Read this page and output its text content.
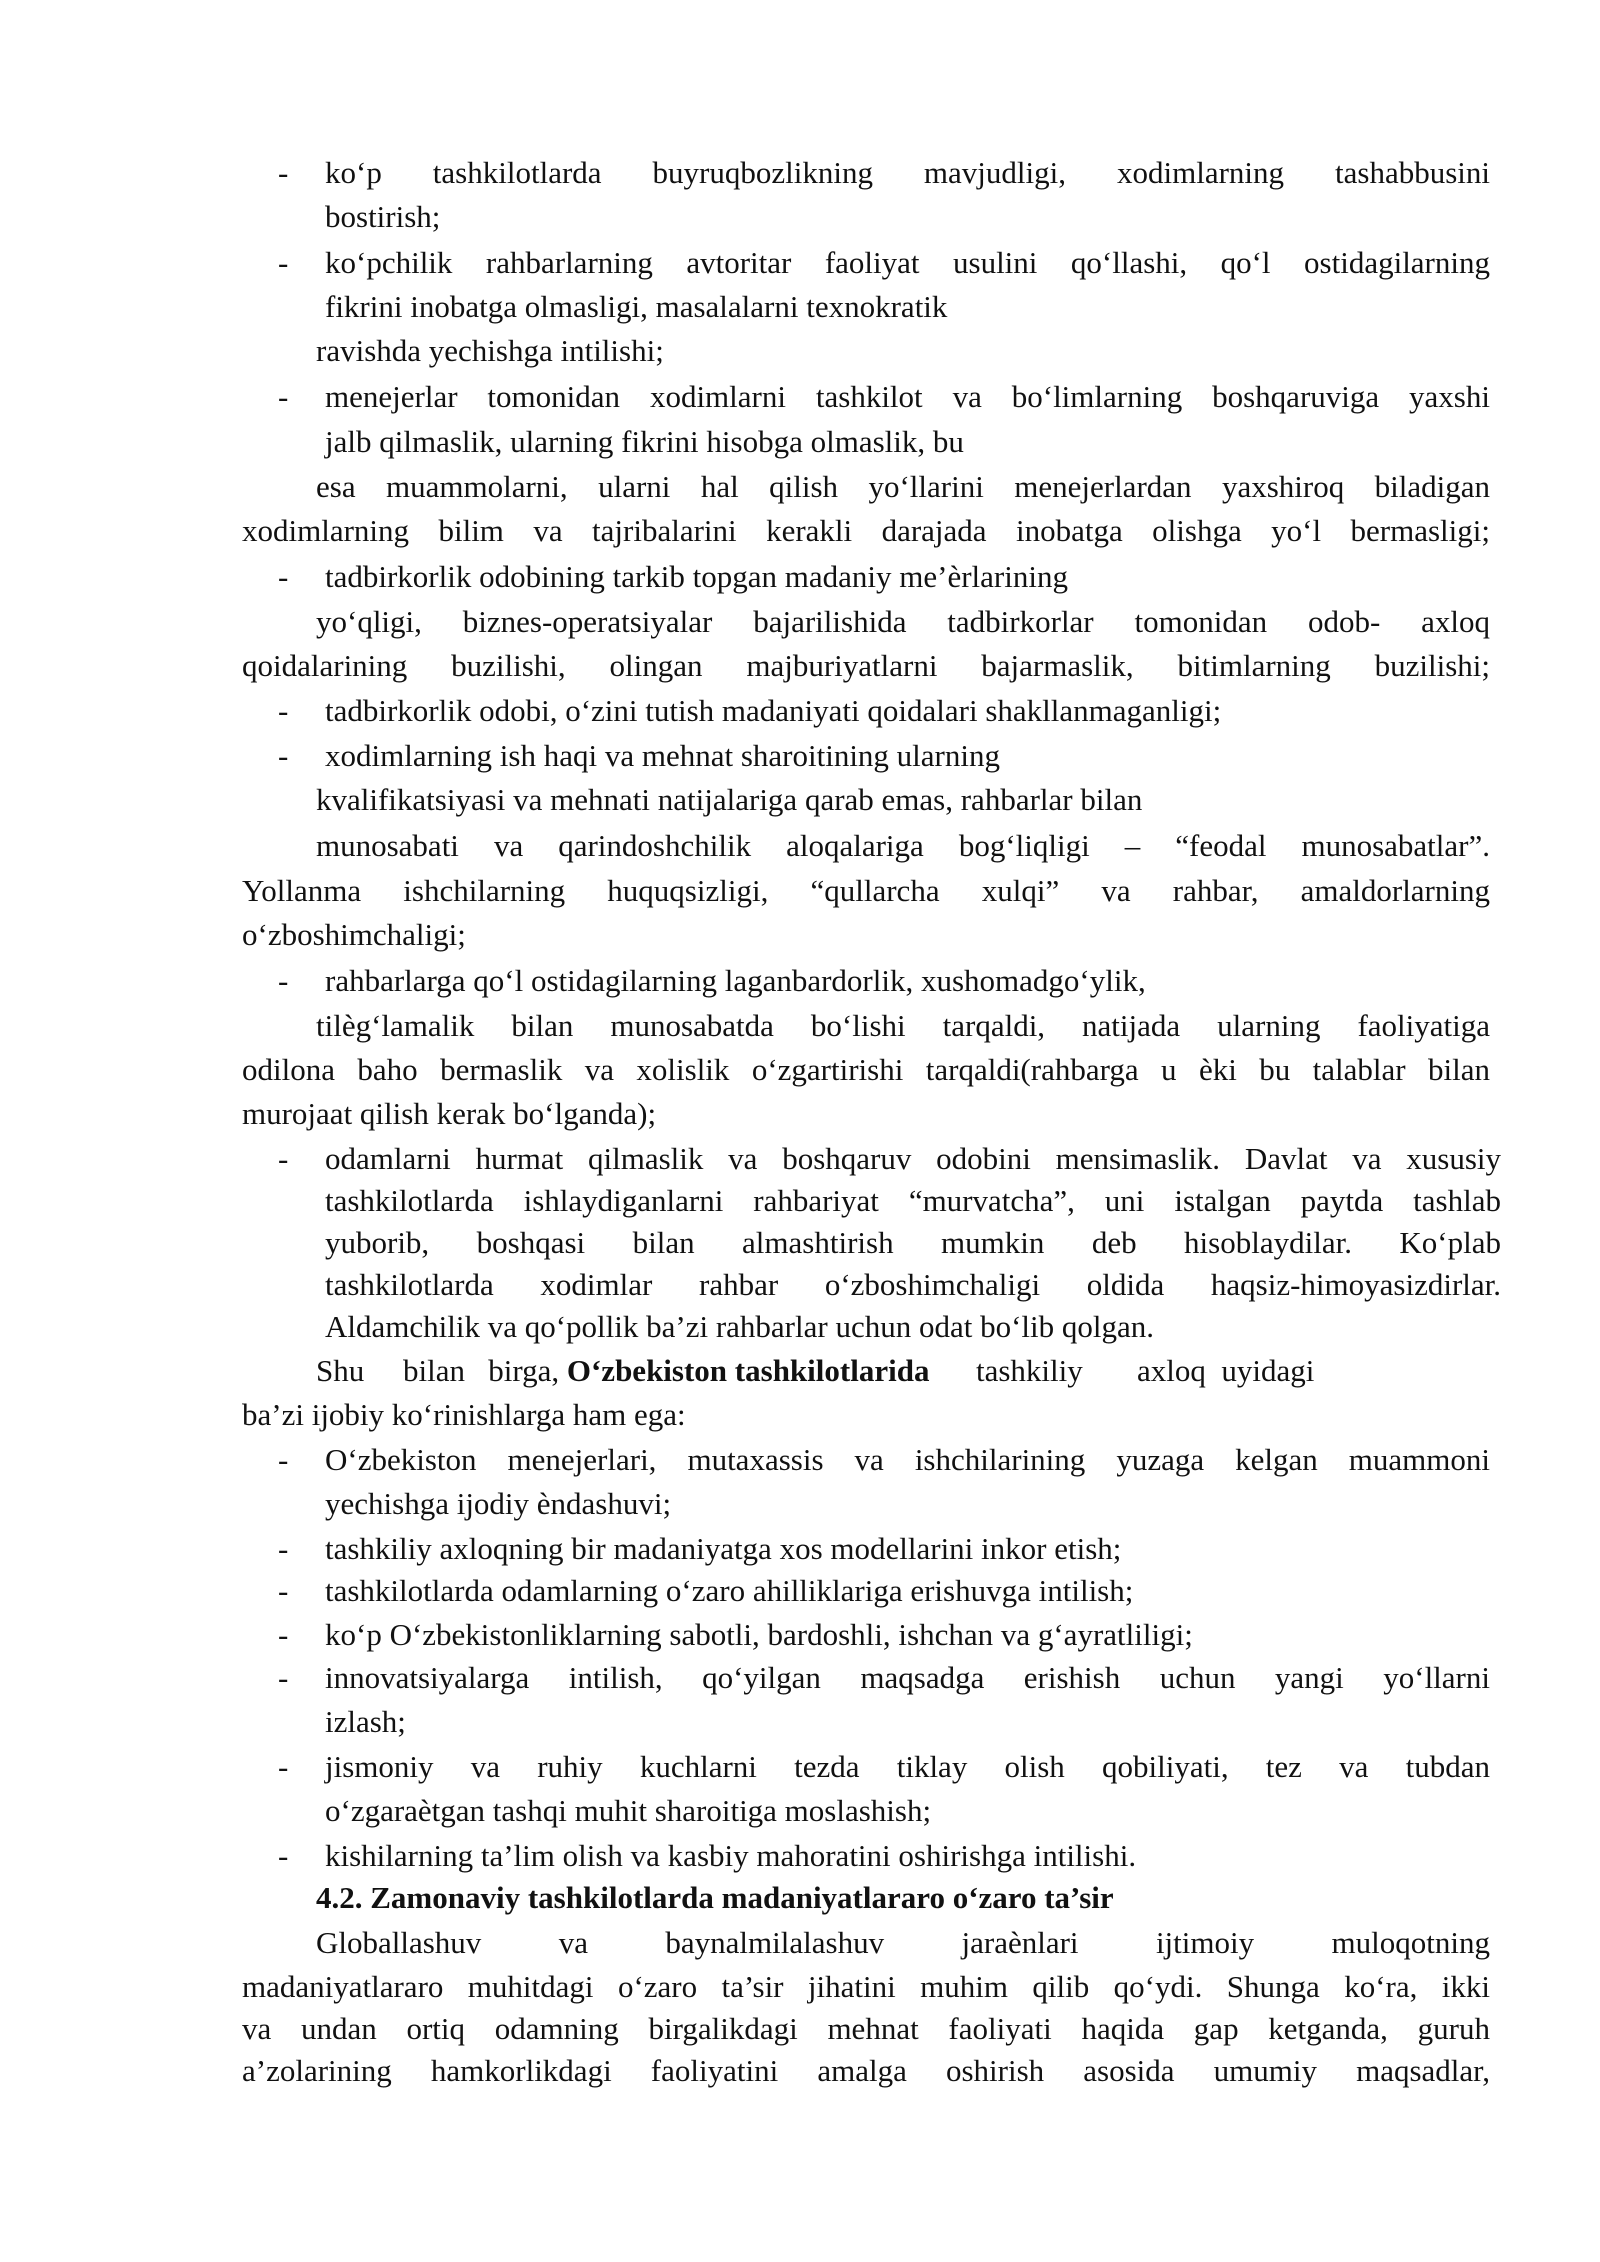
-	ko‘p tashkilotlarda buyruqbozlikning mavjudligi, xodimlarning tashabbusini
bostirish;
-	ko‘pchilik rahbarlarning avtoritar faoliyat usulini qo‘llashi, qo‘l ostidagilarning
fikrini inobatga olmasligi, masalalarni texnokratik
ravishda yechishga intilishi;
-	menejerlar tomonidan xodimlarni tashkilot va bo‘limlarning boshqaruviga yaxshi
jalb qilmaslik, ularning fikrini hisobga olmaslik, bu
esa muammolarni, ularni hal qilish yo‘llarini menejerlardan yaxshiroq biladigan
xodimlarning bilim va tajribalarini kerakli darajada inobatga olishga yo‘l bermasligi;
-	tadbirkorlik odobining tarkib topgan madaniy me’èrlarining
yo‘qligi, biznes-operatsiyalar bajarilishida tadbirkorlar tomonidan odob- axloq
qoidalarining buzilishi, olingan majburiyatlarni bajarmaslik, bitimlarning buzilishi;
-	tadbirkorlik odobi, o‘zini tutish madaniyati qoidalari shakllanmaganligi;
-	xodimlarning ish haqi va mehnat sharoitining ularning
kvalifikatsiyasi va mehnati natijalariga qarab emas, rahbarlar bilan
munosabati va qarindoshchilik aloqalariga bog‘liqligi – “feodal munosabatlar”.
Yollanma ishchilarning huquqsizligi, “qullarcha xulqi” va rahbar, amaldorlarning
o‘zboshimchaligi;
-	rahbarlarga qo‘l ostidagilarning laganbardorlik, xushomadgo‘ylik,
tilèg‘lamalik bilan munosabatda bo‘lishi tarqaldi, natijada ularning faoliyatiga
odilona baho bermaslik va xolislik o‘zgartirishi tarqaldi(rahbarga u èki bu talablar bilan
murojaat qilish kerak bo‘lganda);
-	odamlarni hurmat qilmaslik va boshqaruv odobini mensimaslik. Davlat va xususiy
tashkilotlarda ishlaydiganlarni rahbariyat “murvatcha”, uni istalgan paytda tashlab
yuborib, boshqasi bilan almashtirish mumkin deb hisoblaydilar. Ko‘plab
tashkilotlarda xodimlar rahbar o‘zboshimchaligi oldida haqsiz-himoyasizdirlar.
Aldamchilik va qo‘pollik ba’zi rahbarlar uchun odat bo‘lib qolgan.
Shu     bilan   birga, O‘zbekiston tashkilotlarida      tashkiliy       axloq  uyidagi
ba’zi ijobiy ko‘rinishlarga ham ega:
-	O‘zbekiston menejerlari, mutaxassis va ishchilarining yuzaga kelgan muammoni
yechishga ijodiy èndashuvi;
-	tashkiliy axloqning bir madaniyatga xos modellarini inkor etish;
-	tashkilotlarda odamlarning o‘zaro ahilliklariga erishuvga intilish;
-	ko‘p O‘zbekistonliklarning sabotli, bardoshli, ishchan va g‘ayratliligi;
-	innovatsiyalarga intilish, qo‘yilgan maqsadga erishish uchun yangi yo‘llarni
izlash;
-	jismoniy va ruhiy kuchlarni tezda tiklay olish qobiliyati, tez va tubdan
o‘zgaraètgan tashqi muhit sharoitiga moslashish;
-	kishilarning ta’lim olish va kasbiy mahoratini oshirishga intilishi.
4.2. Zamonaviy tashkilotlarda madaniyatlararo o‘zaro ta’sir
Globallashuv va baynalmilalashuv jaraènlari ijtimoiy muloqotning
madaniyatlararo muhitdagi o‘zaro ta’sir jihatini muhim qilib qo‘ydi. Shunga ko‘ra, ikki
va undan ortiq odamning birgalikdagi mehnat faoliyati haqida gap ketganda, guruh
a’zolarining hamkorlikdagi faoliyatini amalga oshirish asosida umumiy maqsadlar,
